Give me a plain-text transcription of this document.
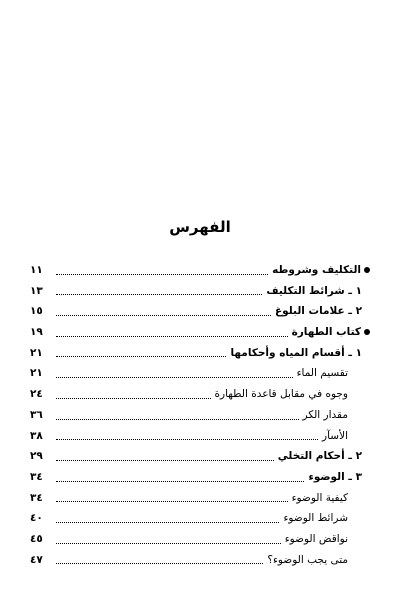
الفهرس
التكليف وشروطه
١١
١ ـ شرائط التكليف
١٣
٢ ـ علامات البلوغ
١٥
كتاب الطهارة
١٩
١ ـ أقسام المياه وأحكامها
٢١
تقسيم الماء
٢١
وجوه في مقابل قاعدة الطهارة
٢٤
مقدار الكر
٣٦
الأسآر
٣٨
٢ ـ أحكام التخلي
٢٩
٣ ـ الوضوء
٣٤
كيفية الوضوء
٣٤
شرائط الوضوء
٤٠
نواقض الوضوء
٤٥
متى يجب الوضوء؟
٤٧
